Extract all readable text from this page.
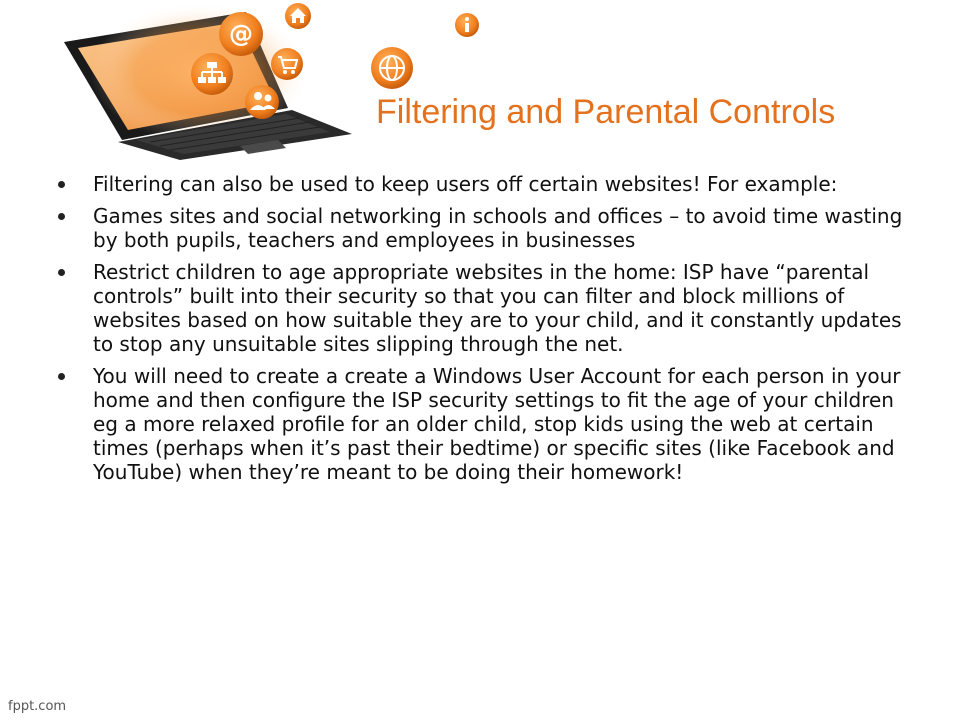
@
Filtering and Parental Controls
Filtering can also be used to keep users off certain websites! For example:
Games sites and social networking in schools and offices – to avoid time wasting by both pupils, teachers and employees in businesses
Restrict children to age appropriate websites in the home: ISP have “parental controls” built into their security so that you can filter and block millions of websites based on how suitable they are to your child, and it constantly updates to stop any unsuitable sites slipping through the net.
You will need to create a create a Windows User Account for each person in your home and then configure the ISP security settings to fit the age of your children eg a more relaxed profile for an older child, stop kids using the web at certain times (perhaps when it’s past their bedtime) or specific sites (like Facebook and YouTube) when they’re meant to be doing their homework!
fppt.com
